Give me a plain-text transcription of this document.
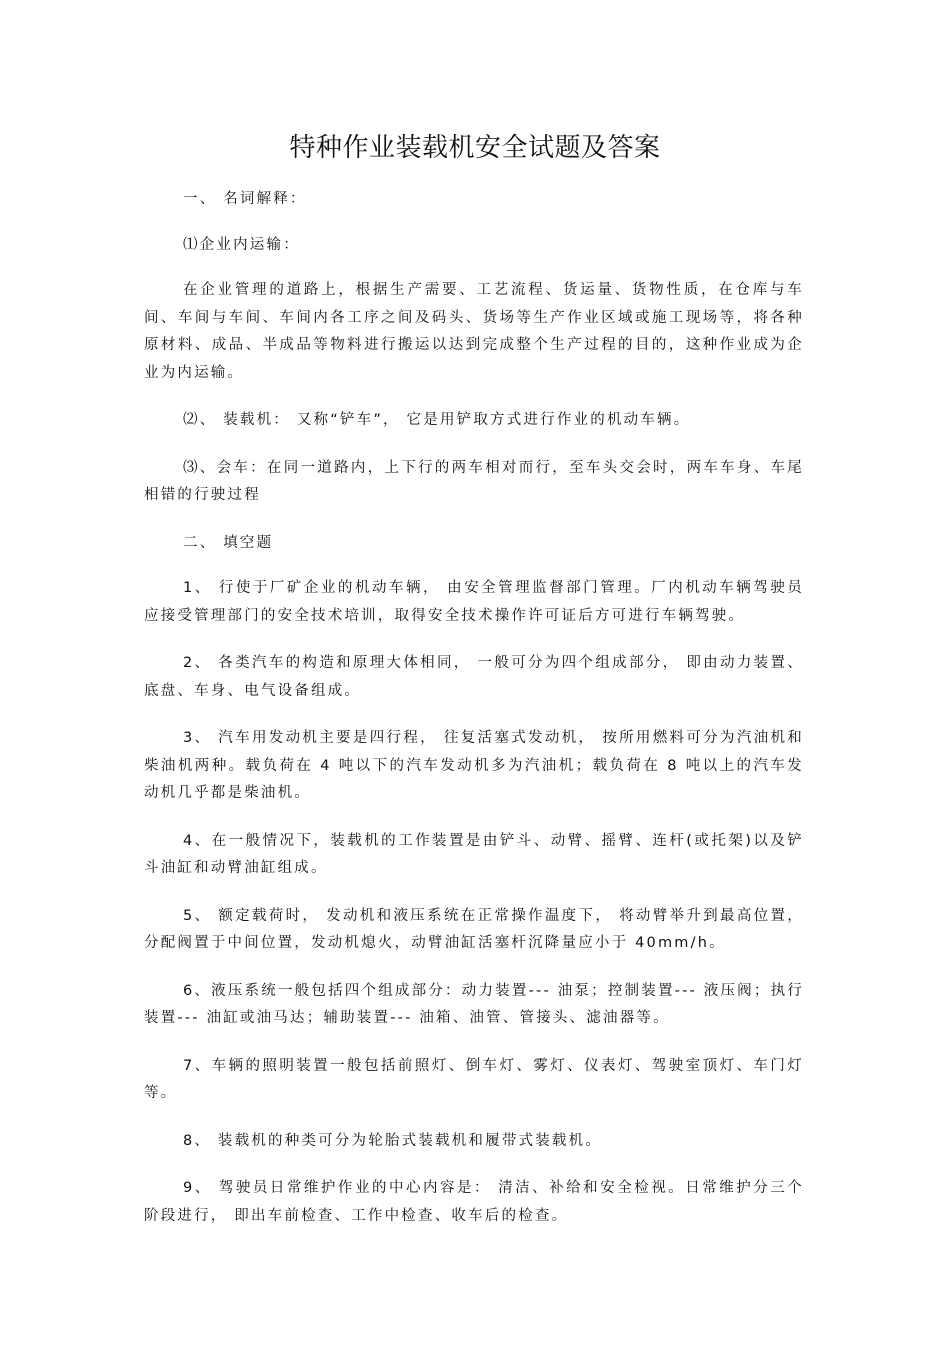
特种作业装载机安全试题及答案

一、 名词解释：

⑴企业内运输：

在企业管理的道路上，根据生产需要、工艺流程、货运量、货物性质，在仓库与车间、车间与车间、车间内各工序之间及码头、货场等生产作业区域或施工现场等，将各种原材料、成品、半成品等物料进行搬运以达到完成整个生产过程的目的，这种作业成为企业为内运输。

⑵、 装载机： 又称“铲车”， 它是用铲取方式进行作业的机动车辆。

⑶、会车：在同一道路内，上下行的两车相对而行，至车头交会时，两车车身、车尾相错的行驶过程

二、 填空题

1、 行使于厂矿企业的机动车辆， 由安全管理监督部门管理。厂内机动车辆驾驶员应接受管理部门的安全技术培训，取得安全技术操作许可证后方可进行车辆驾驶。

2、 各类汽车的构造和原理大体相同， 一般可分为四个组成部分， 即由动力装置、底盘、车身、电气设备组成。

3、 汽车用发动机主要是四行程， 往复活塞式发动机， 按所用燃料可分为汽油机和柴油机两种。载负荷在 4 吨以下的汽车发动机多为汽油机；载负荷在 8 吨以上的汽车发动机几乎都是柴油机。

4、在一般情况下，装载机的工作装置是由铲斗、动臂、摇臂、连杆(或托架)以及铲斗油缸和动臂油缸组成。

5、 额定载荷时， 发动机和液压系统在正常操作温度下， 将动臂举升到最高位置，分配阀置于中间位置，发动机熄火，动臂油缸活塞杆沉降量应小于 40mm/h。

6、液压系统一般包括四个组成部分：动力装置--- 油泵；控制装置--- 液压阀；执行装置--- 油缸或油马达；辅助装置--- 油箱、油管、管接头、滤油器等。

7、车辆的照明装置一般包括前照灯、倒车灯、雾灯、仪表灯、驾驶室顶灯、车门灯等。

8、 装载机的种类可分为轮胎式装载机和履带式装载机。

9、 驾驶员日常维护作业的中心内容是： 清洁、补给和安全检视。日常维护分三个阶段进行， 即出车前检查、工作中检查、收车后的检查。
